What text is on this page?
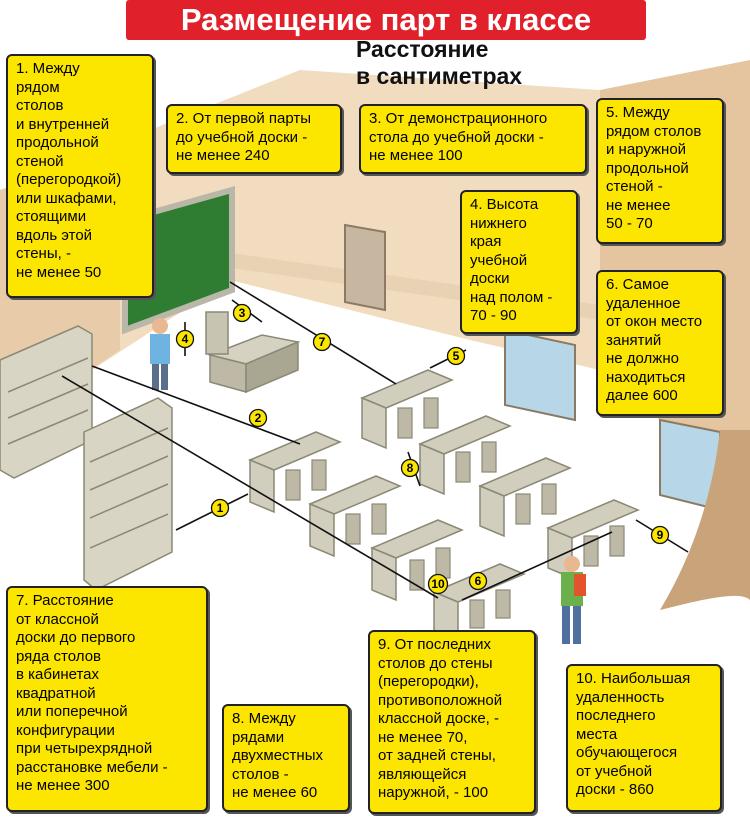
1
2
3
4
5
6
7
8
9
10
Размещение парт в классе
Расстояние
в сантиметрах
1. Между
рядом
столов
и внутренней
продольной
стеной
(перегородкой)
или шкафами,
стоящими
вдоль этой
стены, -
не менее 50
2. От первой парты
до учебной доски -
не менее 240
3. От демонстрационного
стола до учебной доски -
не менее 100
4. Высота
нижнего
края
учебной
доски
над полом -
70 - 90
5. Между
рядом столов
и наружной
продольной
стеной -
не менее
50 - 70
6. Самое
удаленное
от окон место
занятий
не должно
находиться
далее 600
7. Расстояние
от классной
доски до первого
ряда столов
в кабинетах
квадратной
или поперечной
конфигурации
при четырехрядной
расстановке мебели -
не менее 300
8. Между
рядами
двухместных
столов -
не менее 60
9. От последних
столов до стены
(перегородки),
противоположной
классной доске, -
не менее 70,
от задней стены,
являющейся
наружной, - 100
10. Наибольшая
удаленность
последнего
места
обучающегося
от учебной
доски - 860
